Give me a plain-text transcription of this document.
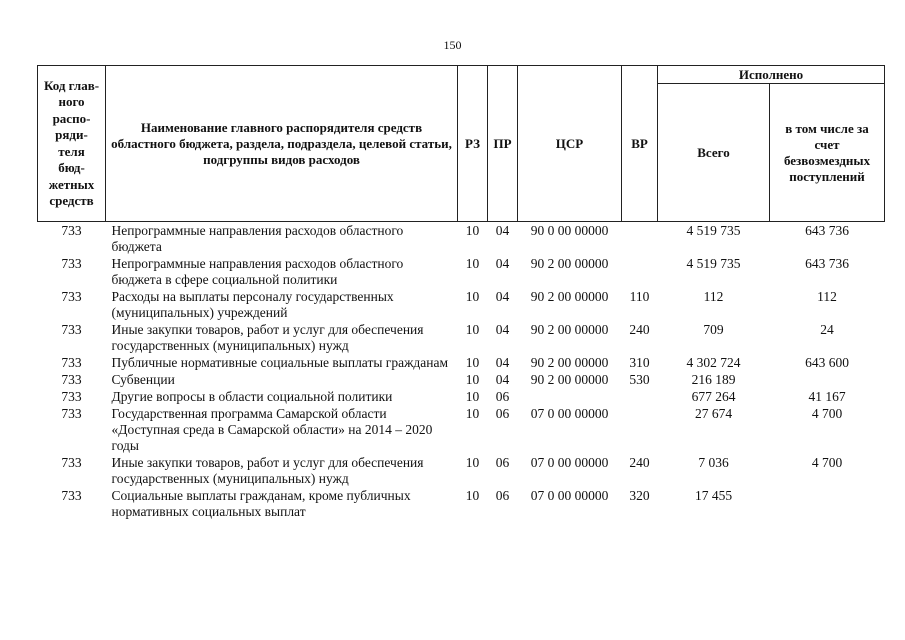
150
Код глав-ного распо-ряди-теля бюд-жетных средств	Наименование главного распорядителя средств областного бюджета, раздела, подраздела, целевой статьи, подгруппы видов расходов	РЗ	ПР	ЦСР	ВР	Исполнено	
						Всего	в том числе за счет безвозмездных поступлений

733	Непрограммные направления расходов областного бюджета	10	04	90 0 00 00000		4 519 735	643 736
733	Непрограммные направления расходов областного бюджета в сфере социальной политики	10	04	90 2 00 00000		4 519 735	643 736
733	Расходы на выплаты персоналу государственных (муниципальных) учреждений	10	04	90 2 00 00000	110	112	112
733	Иные закупки товаров, работ и услуг для обеспечения государственных (муниципальных) нужд	10	04	90 2 00 00000	240	709	24
733	Публичные нормативные социальные выплаты гражданам	10	04	90 2 00 00000	310	4 302 724	643 600
733	Субвенции	10	04	90 2 00 00000	530	216 189	
733	Другие вопросы в области социальной политики	10	06			677 264	41 167
733	Государственная программа Самарской области «Доступная среда в Самарской области» на 2014 – 2020 годы	10	06	07 0 00 00000		27 674	4 700
733	Иные закупки товаров, работ и услуг для обеспечения государственных (муниципальных) нужд	10	06	07 0 00 00000	240	7 036	4 700
733	Социальные выплаты гражданам, кроме публичных нормативных социальных выплат	10	06	07 0 00 00000	320	17 455	
